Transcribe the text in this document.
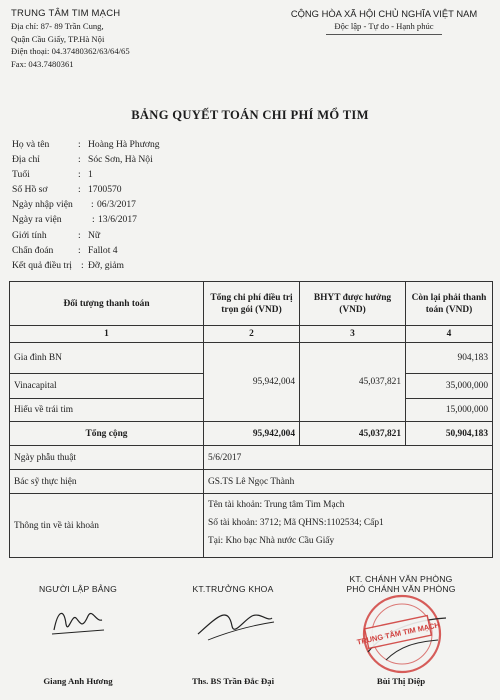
TRUNG TÂM TIM MẠCH
Địa chỉ: 87- 89 Trần Cung,
Quận Cầu Giấy, TP.Hà Nội
Điện thoại: 04.37480362/63/64/65
Fax: 043.7480361
CỘNG HÒA XÃ HỘI CHỦ NGHĨA VIỆT NAM
Độc lập - Tự do - Hạnh phúc
BẢNG QUYẾT TOÁN CHI PHÍ MỔ TIM
Họ và tên	: Hoàng Hà Phương
Địa chỉ	: Sóc Sơn, Hà Nội
Tuổi	: 1
Số Hồ sơ	: 1700570
Ngày nhập viện : 06/3/2017
Ngày ra viện	: 13/6/2017
Giới tính	: Nữ
Chẩn đoán	: Fallot 4
Kết quả điều trị : Đỡ, giảm
Đối tượng thanh toán	Tổng chi phí điều trị trọn gói (VND)	BHYT được hưởng (VND)	Còn lại phải thanh toán (VND)
1	2	3	4
Gia đình BN	95,942,004	45,037,821	904,183
Vinacapital			35,000,000
Hiểu về trái tim			15,000,000
Tổng cộng	95,942,004	45,037,821	50,904,183
Ngày phẫu thuật	5/6/2017		
Bác sỹ thực hiện	GS.TS Lê Ngọc Thành		
Thông tin về tài khoản	Tên tài khoản: Trung tâm Tim Mạch
Số tài khoản: 3712; Mã QHNS:1102534; Cấp1
Tại: Kho bạc Nhà nước Cầu Giấy		
NGƯỜI LẬP BẢNG
Giang Anh Hương
KT.TRƯỞNG KHOA
Ths. BS Trần Đắc Đại
KT. CHÁNH VĂN PHÒNG
PHÓ CHÁNH VĂN PHÒNG
Bùi Thị Diệp
TRUNG TÂM TIM MẠCH
